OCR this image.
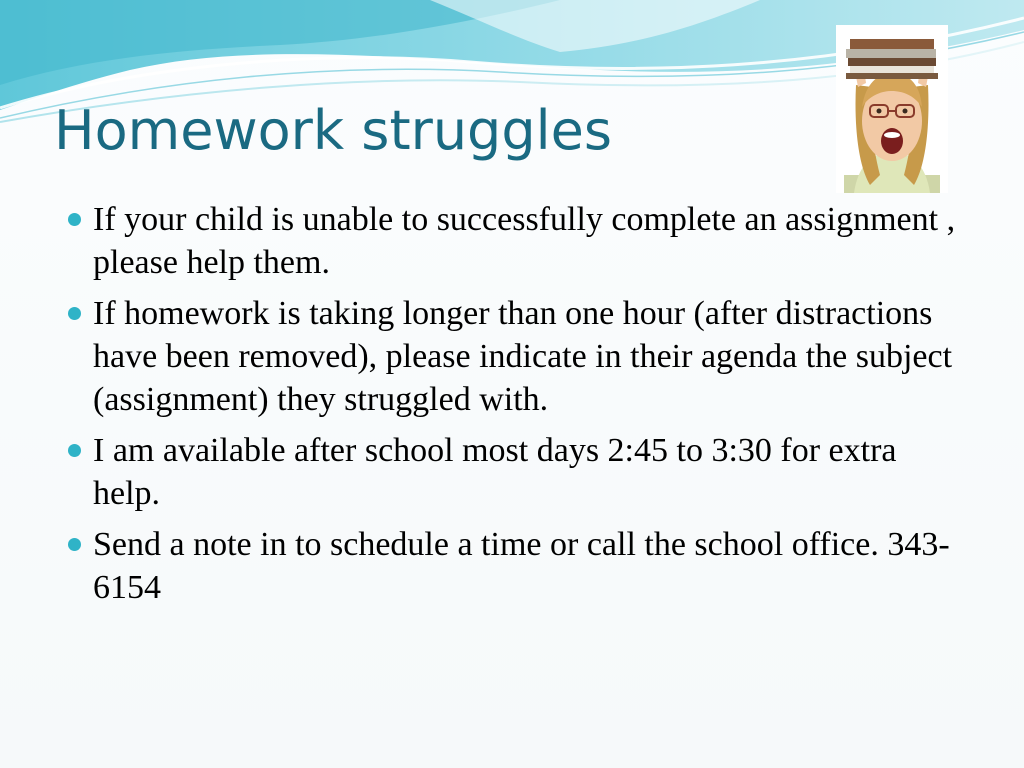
Homework struggles
If your child is unable to successfully complete an assignment , please help them.
If homework is taking longer than one hour (after distractions have been removed), please indicate in their agenda the subject (assignment) they struggled with.
I am available after school most days 2:45 to 3:30 for extra help.
Send a note in to schedule a time or call the school office. 343-6154
